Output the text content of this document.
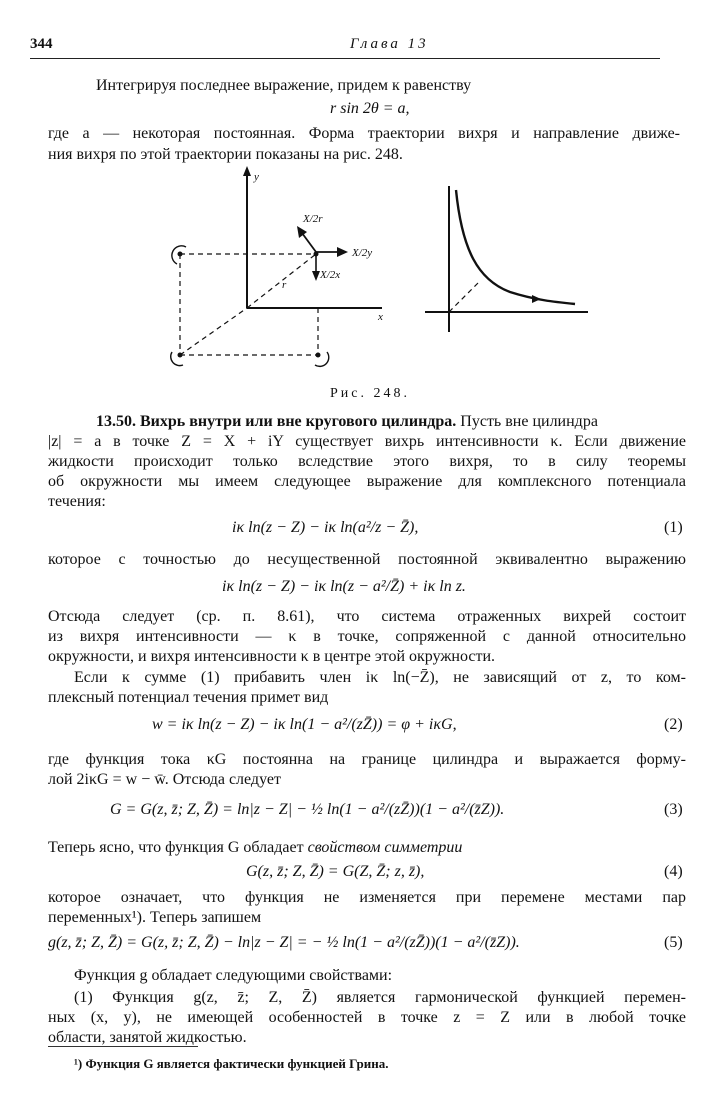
344	Глава 13
Интегрируя последнее выражение, придем к равенству
r sin 2θ = a,
где a — некоторая постоянная. Форма траектории вихря и направление движе-
ния вихря по этой траектории показаны на рис. 248.
y
x
X/2y
X/2r
X/2x
r
Рис. 248.
13.50. Вихрь внутри или вне кругового цилиндра. Пусть вне цилиндра
|z| = a в точке Z = X + iY существует вихрь интенсивности κ. Если движение
жидкости происходит только вследствие этого вихря, то в силу теоремы
об окружности мы имеем следующее выражение для комплексного потенциала
течения:
iκ ln(z − Z) − iκ ln(a²/z − Z̄),	(1)
которое с точностью до несущественной постоянной эквивалентно выражению
iκ ln(z − Z) − iκ ln(z − a²/Z̄) + iκ ln z.
Отсюда следует (ср. п. 8.61), что система отраженных вихрей состоит
из вихря интенсивности — κ в точке, сопряженной с данной относительно
окружности, и вихря интенсивности κ в центре этой окружности.
Если к сумме (1) прибавить член iκ ln(−Z̄), не зависящий от z, то ком-
плексный потенциал течения примет вид
w = iκ ln(z − Z) − iκ ln(1 − a²/(zZ̄)) = φ + iκG,	(2)
где функция тока κG постоянна на границе цилиндра и выражается форму-
лой 2iκG = w − w̄. Отсюда следует
G = G(z, z̄; Z, Z̄) = ln|z − Z| − ½ ln(1 − a²/(zZ̄))(1 − a²/(z̄Z)).	(3)
Теперь ясно, что функция G обладает свойством симметрии
G(z, z̄; Z, Z̄) = G(Z, Z̄; z, z̄),	(4)
которое означает, что функция не изменяется при перемене местами пар
переменных¹). Теперь запишем
g(z, z̄; Z, Z̄) = G(z, z̄; Z, Z̄) − ln|z − Z| = − ½ ln(1 − a²/(zZ̄))(1 − a²/(z̄Z)).	(5)
Функция g обладает следующими свойствами:
(1) Функция g(z, z̄; Z, Z̄) является гармонической функцией перемен-
ных (x, y), не имеющей особенностей в точке z = Z или в любой точке
области, занятой жидкостью.
¹) Функция G является фактически функцией Грина.
